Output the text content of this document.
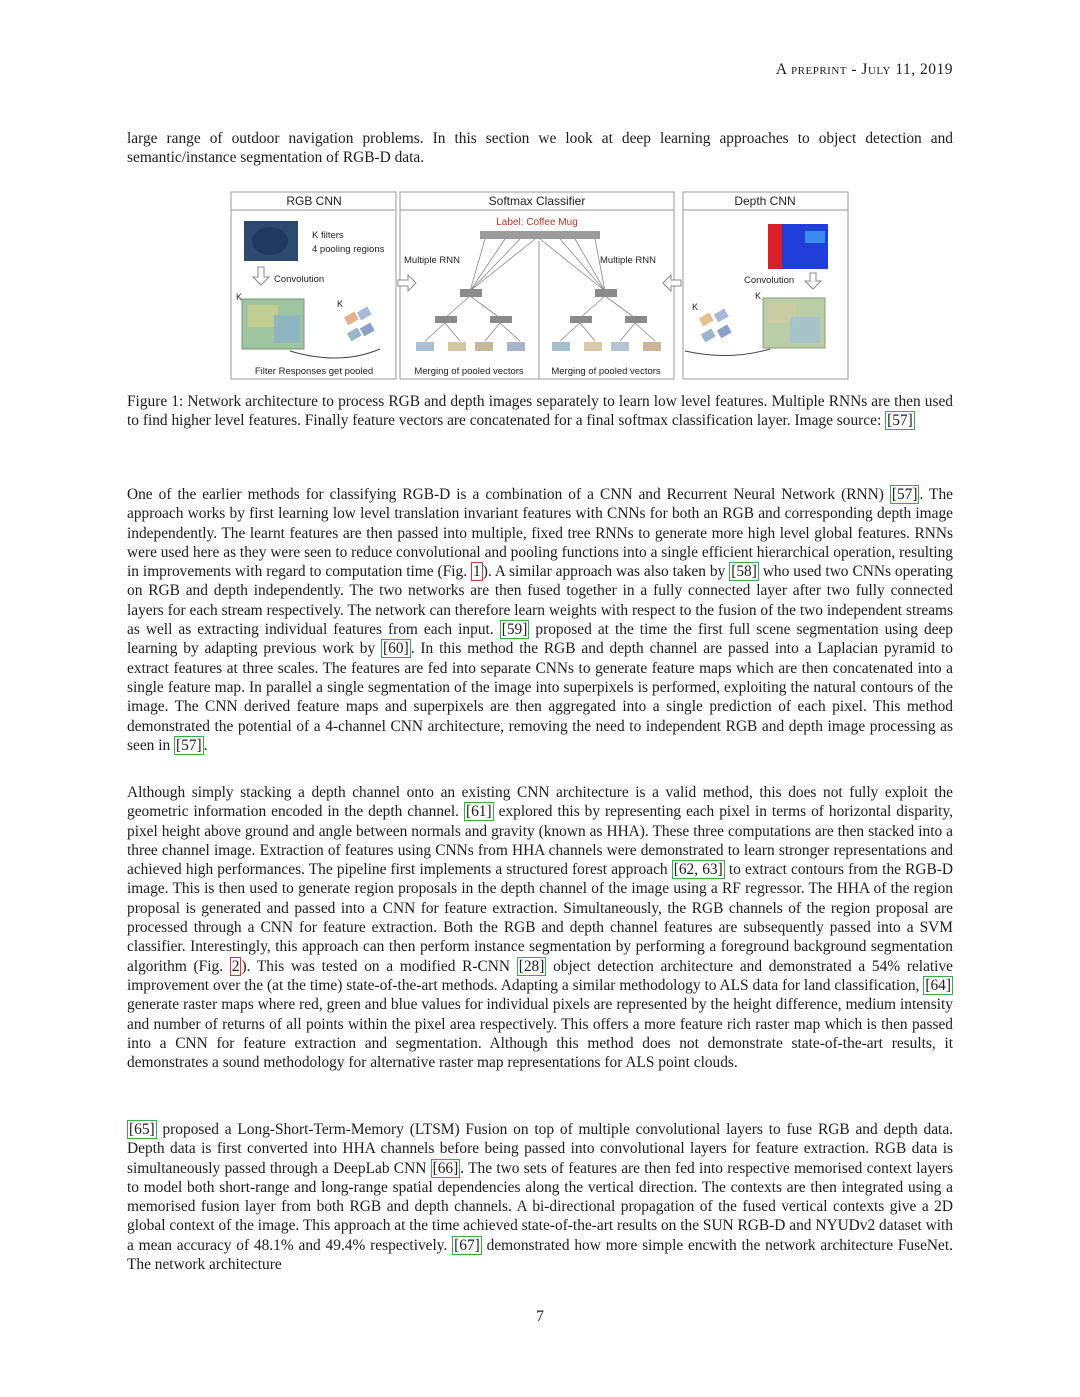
A preprint - July 11, 2019
large range of outdoor navigation problems. In this section we look at deep learning approaches to object detection and semantic/instance segmentation of RGB-D data.
RGB CNN	Softmax Classifier	Depth CNN
K filters
4 pooling regions
Convolution
K
K
Filter Responses get pooled
Label: Coffee Mug
Multiple RNN	Multiple RNN
Merging of pooled vectors	Merging of pooled vectors
Convolution
K
K
Figure 1: Network architecture to process RGB and depth images separately to learn low level features. Multiple RNNs are then used to find higher level features. Finally feature vectors are concatenated for a final softmax classification layer. Image source: [57]
One of the earlier methods for classifying RGB-D is a combination of a CNN and Recurrent Neural Network (RNN) [57] . The approach works by first learning low level translation invariant features with CNNs for both an RGB and corresponding depth image independently. The learnt features are then passed into multiple, fixed tree RNNs to generate more high level global features. RNNs were used here as they were seen to reduce convolutional and pooling functions into a single efficient hierarchical operation, resulting in improvements with regard to computation time (Fig. 1 ). A similar approach was also taken by [58] who used two CNNs operating on RGB and depth independently. The two networks are then fused together in a fully connected layer after two fully connected layers for each stream respectively. The network can therefore learn weights with respect to the fusion of the two independent streams as well as extracting individual features from each input. [59] proposed at the time the first full scene segmentation using deep learning by adapting previous work by [60] . In this method the RGB and depth channel are passed into a Laplacian pyramid to extract features at three scales. The features are fed into separate CNNs to generate feature maps which are then concatenated into a single feature map. In parallel a single segmentation of the image into superpixels is performed, exploiting the natural contours of the image. The CNN derived feature maps and superpixels are then aggregated into a single prediction of each pixel. This method demonstrated the potential of a 4-channel CNN architecture, removing the need to independent RGB and depth image processing as seen in [57] .
Although simply stacking a depth channel onto an existing CNN architecture is a valid method, this does not fully exploit the geometric information encoded in the depth channel. [61] explored this by representing each pixel in terms of horizontal disparity, pixel height above ground and angle between normals and gravity (known as HHA). These three computations are then stacked into a three channel image. Extraction of features using CNNs from HHA channels were demonstrated to learn stronger representations and achieved high performances. The pipeline first implements a structured forest approach [62, 63] to extract contours from the RGB-D image. This is then used to generate region proposals in the depth channel of the image using a RF regressor. The HHA of the region proposal is generated and passed into a CNN for feature extraction. Simultaneously, the RGB channels of the region proposal are processed through a CNN for feature extraction. Both the RGB and depth channel features are subsequently passed into a SVM classifier. Interestingly, this approach can then perform instance segmentation by performing a foreground background segmentation algorithm (Fig. 2 ). This was tested on a modified R-CNN [28] object detection architecture and demonstrated a 54% relative improvement over the (at the time) state-of-the-art methods. Adapting a similar methodology to ALS data for land classification, [64] generate raster maps where red, green and blue values for individual pixels are represented by the height difference, medium intensity and number of returns of all points within the pixel area respectively. This offers a more feature rich raster map which is then passed into a CNN for feature extraction and segmentation. Although this method does not demonstrate state-of-the-art results, it demonstrates a sound methodology for alternative raster map representations for ALS point clouds.
[65] proposed a Long-Short-Term-Memory (LTSM) Fusion on top of multiple convolutional layers to fuse RGB and depth data. Depth data is first converted into HHA channels before being passed into convolutional layers for feature extraction. RGB data is simultaneously passed through a DeepLab CNN [66] . The two sets of features are then fed into respective memorised context layers to model both short-range and long-range spatial dependencies along the vertical direction. The contexts are then integrated using a memorised fusion layer from both RGB and depth channels. A bi-directional propagation of the fused vertical contexts give a 2D global context of the image. This approach at the time achieved state-of-the-art results on the SUN RGB-D and NYUDv2 dataset with a mean accuracy of 48.1% and 49.4% respectively. [67] demonstrated how more simple encwith the network architecture FuseNet. The network architecture
7
